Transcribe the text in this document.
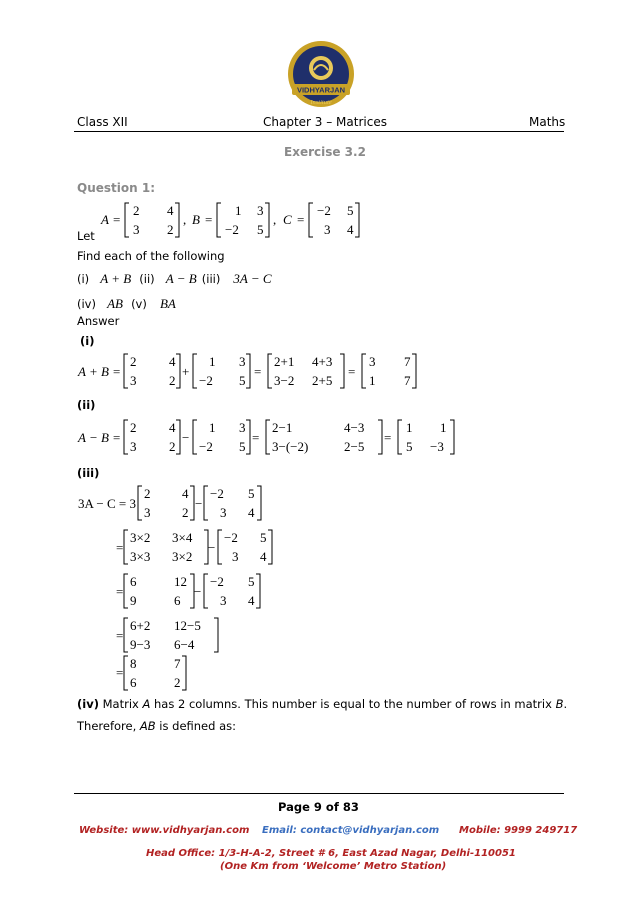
VIDHYARJAN
Institute
Class XII	Chapter 3 – Matrices	Maths
Exercise 3.2
Question 1:
Let
A =
2 4
3 2
, B =
1 3
−2 5
, C =
−2 5
3 4
Find each of the following
(i) A + B (ii) A − B (iii) 3A − C
(iv) AB (v) BA
Answer
(i)
A + B =
2	4
3	2
+
1 3
−2 5
=
2+1 4+3
3−2 2+5
=
3 7
1 7
(ii)
A − B =
2	4
3	2
−
1 3
−2 5
=
2−1	4−3
3−(−2)	2−5
=
1 1
5 −3
(iii)
3A − C = 3
2 4
3 2
−
−2 5
3 4
=
3×2 3×4
3×3 3×2
−
−2 5
3 4
=
6	12
9	6
−
−2 5
3 4
=
6+2 12−5
9−3 6−4
=
8	7
6	2
(iv) Matrix A has 2 columns. This number is equal to the number of rows in matrix B.
Therefore, AB is defined as:
Page 9 of 83
Website: www.vidhyarjan.com Email: contact@vidhyarjan.com Mobile: 9999 249717
Head Office: 1/3-H-A-2, Street # 6, East Azad Nagar, Delhi-110051
(One Km from ‘Welcome’ Metro Station)
